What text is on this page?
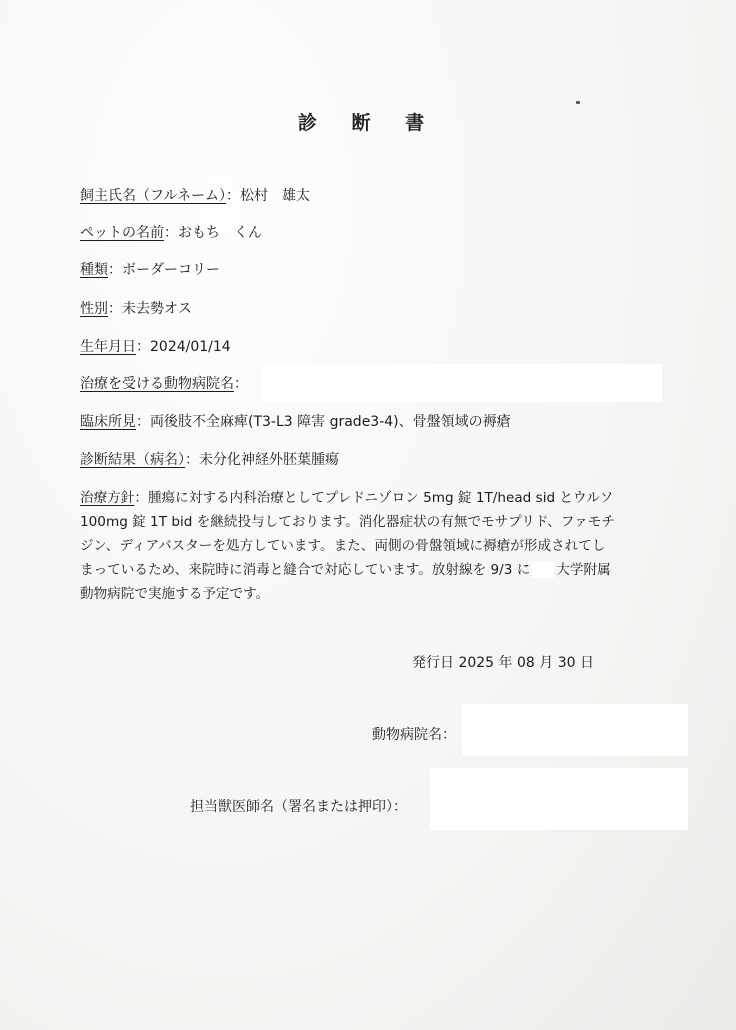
診 断 書
飼主氏名（フルネーム）：松村　雄太
ペットの名前：おもち　くん
種類：ボーダーコリー
性別：未去勢オス
生年月日：2024/01/14
治療を受ける動物病院名：
臨床所見：両後肢不全麻痺(T3-L3 障害 grade3-4)、骨盤領域の褥瘡
診断結果（病名）：未分化神経外胚葉腫瘍
治療方針：腫瘍に対する内科治療としてプレドニゾロン 5mg 錠 1T/head sid とウルソ
100mg 錠 1T bid を継続投与しております。消化器症状の有無でモサプリド、ファモチ
ジン、ディアバスターを処方しています。また、両側の骨盤領域に褥瘡が形成されてし
まっているため、来院時に消毒と縫合で対応しています。放射線を 9/3 に 大学附属
動物病院で実施する予定です。
発行日 2025 年 08 月 30 日
動物病院名：
担当獣医師名（署名または押印）：
